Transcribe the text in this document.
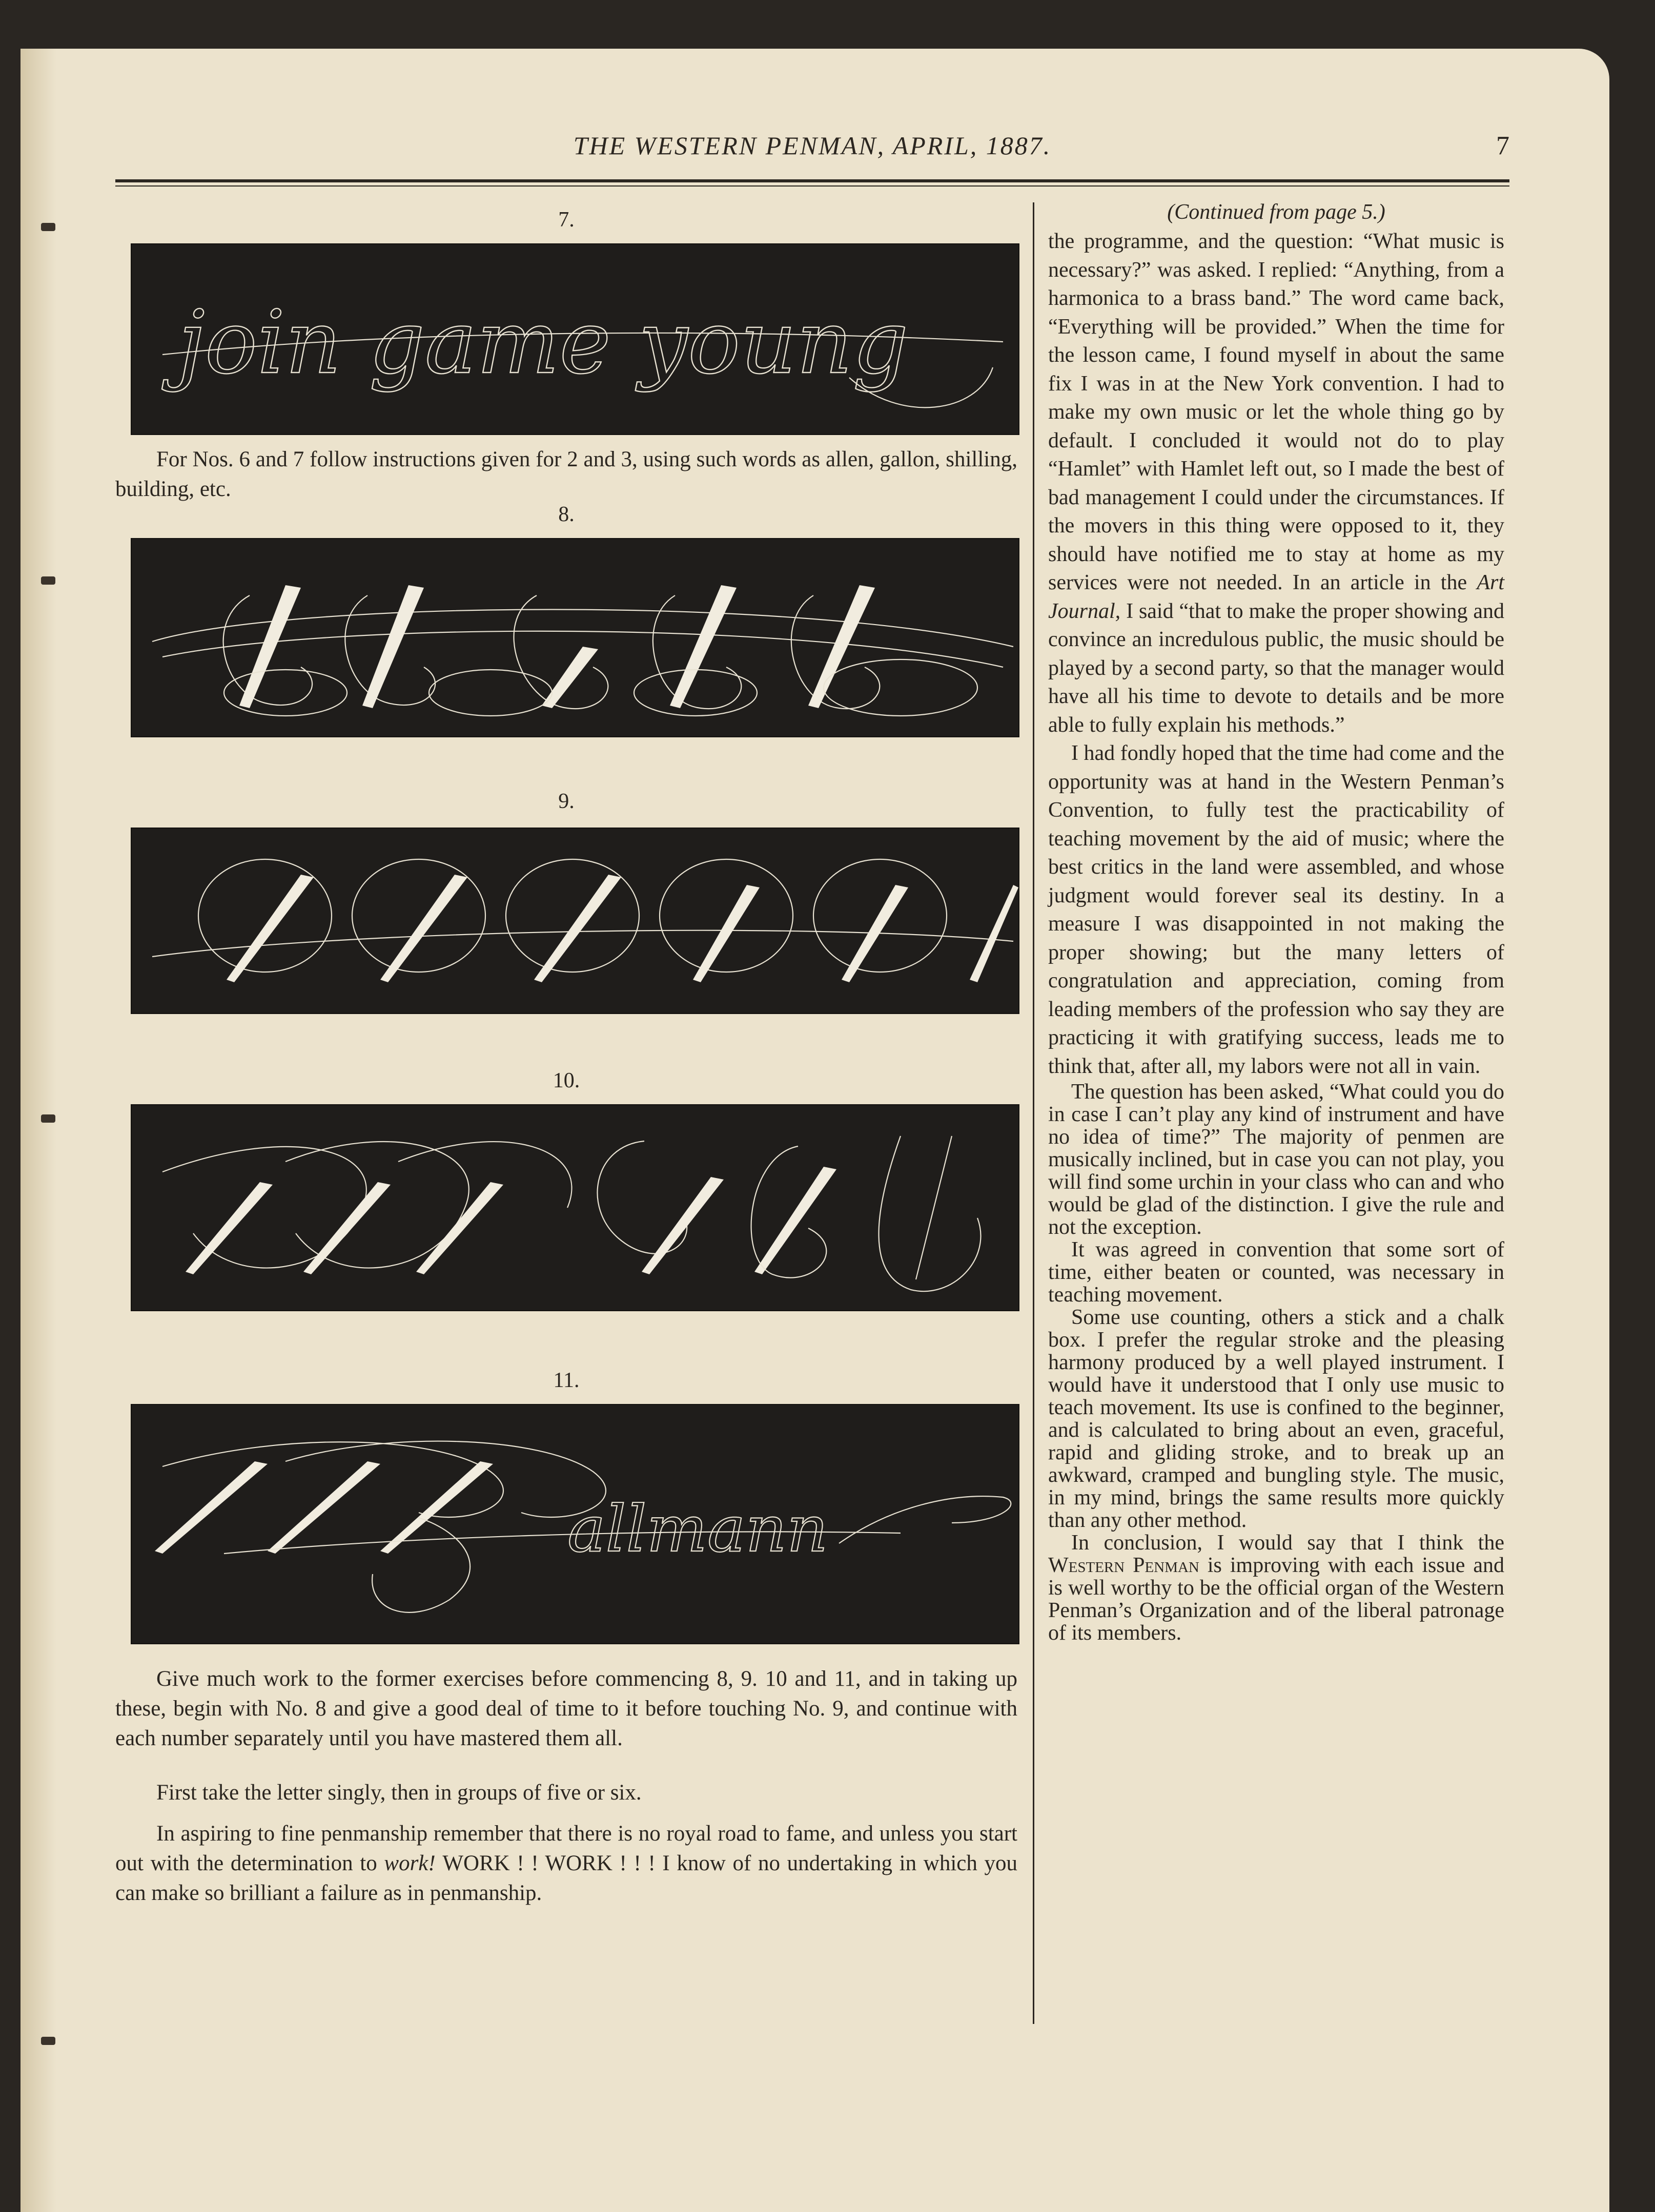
THE WESTERN PENMAN, APRIL, 1887.	7
7.
join game young
For Nos. 6 and 7 follow instructions given for 2 and 3, using such words as allen, gallon, shilling, building, etc.
8.
9.
10.
11.
allmann
Give much work to the former exercises before commencing 8, 9. 10 and 11, and in taking up these, begin with No. 8 and give a good deal of time to it before touching No. 9, and continue with each number separately until you have mastered them all.
First take the letter singly, then in groups of five or six.
In aspiring to fine penmanship remember that there is no royal road to fame, and unless you start out with the determination to work! WORK ! ! WORK ! ! ! I know of no undertaking in which you can make so brilliant a failure as in penmanship.
(Continued from page 5.)

the programme, and the question: “What music is necessary?” was asked. I replied: “Anything, from a harmonica to a brass band.” The word came back, “Everything will be provided.” When the time for the lesson came, I found myself in about the same fix I was in at the New York convention. I had to make my own music or let the whole thing go by default. I concluded it would not do to play “Hamlet” with Hamlet left out, so I made the best of bad management I could under the circumstances. If the movers in this thing were opposed to it, they should have notified me to stay at home as my services were not needed. In an article in the Art Journal, I said “that to make the proper showing and convince an incredulous public, the music should be played by a second party, so that the manager would have all his time to devote to details and be more able to fully explain his methods.”

I had fondly hoped that the time had come and the opportunity was at hand in the Western Penman’s Convention, to fully test the practicability of teaching movement by the aid of music; where the best critics in the land were assembled, and whose judgment would forever seal its destiny. In a measure I was disappointed in not making the proper showing; but the many letters of congratulation and appreciation, coming from leading members of the profession who say they are practicing it with gratifying success, leads me to think that, after all, my labors were not all in vain.

The question has been asked, “What could you do in case I can’t play any kind of instrument and have no idea of time?” The majority of penmen are musically inclined, but in case you can not play, you will find some urchin in your class who can and who would be glad of the distinction. I give the rule and not the exception.

It was agreed in convention that some sort of time, either beaten or counted, was necessary in teaching movement.

Some use counting, others a stick and a chalk box. I prefer the regular stroke and the pleasing harmony produced by a well played instrument. I would have it understood that I only use music to teach movement. Its use is confined to the beginner, and is calculated to bring about an even, graceful, rapid and gliding stroke, and to break up an awkward, cramped and bungling style. The music, in my mind, brings the same results more quickly than any other method.

In conclusion, I would say that I think the Western Penman is improving with each issue and is well worthy to be the official organ of the Western Penman’s Organization and of the liberal patronage of its members.
